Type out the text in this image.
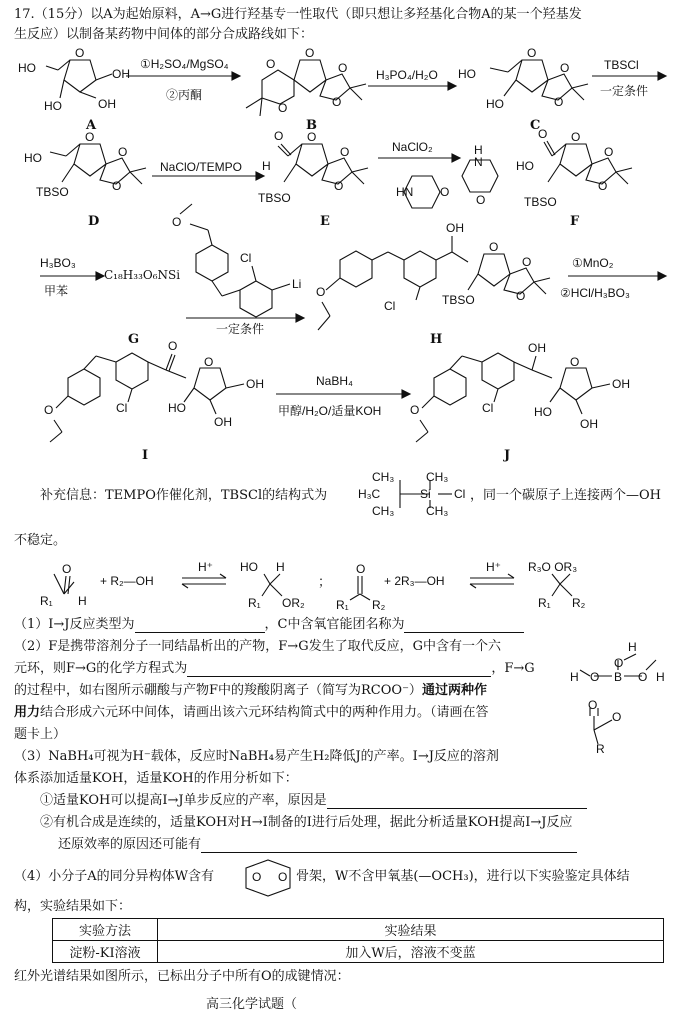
17.（15分）以A为起始原料，A→G进行羟基专一性取代（即只想让多羟基化合物A的某一个羟基发
生反应）以制备某药物中间体的部分合成路线如下：
O
HO	OH
OH
HO
O
O
O
O
O
O
O
O
HO
HO
O
O
O
TBSO
HO
O
O
O
TBSO
O
H
HN O
H
N
O
O
O
O
TBSO
O
HO
O
Cl
Li
O
Cl
OH
O
O
O
TBSO
O	Cl
O
O
OH
OH
HO	O	Cl
OH
O
OH
OH
HO
①H₂SO₄/MgSO₄
②丙酮
H₃PO₄/H₂O
TBSCl
一定条件
NaClO/TEMPO
NaClO₂
H₃BO₃
甲苯
C₁₈H₃₃O₆NSi
一定条件
①MnO₂
②HCl/H₃BO₃
NaBH₄
甲醇/H₂O/适量KOH
A	B	C
D	E	F
G	H
I	J
补充信息：TEMPO作催化剂，TBSCl的结构式为
CH₃	CH₃
H₃C	Si Cl
CH₃	CH₃
，同一个碳原子上连接两个—OH
不稳定。
O
R₁ H
+ R₂—OH
H⁺ HO H
R₁ OR₂
；
O
R₁ R₂
+ 2R₃—OH
H⁺ R₃O OR₃
R₁ R₂
（1）I→J反应类型为	，C中含氧官能团名称为
（2）F是携带溶剂分子一同结晶析出的产物，F→G发生了取代反应，G中含有一个六
元环，则F→G的化学方程式为	，F→G
的过程中，如右图所示硼酸与产物F中的羧酸阴离子（简写为RCOO⁻）通过两种作
用力结合形成六元环中间体，请画出该六元环结构简式中的两种作用力。（请画在答
题卡上）
H
O
H O B O H
O
O
R
（3）NaBH₄可视为H⁻载体，反应时NaBH₄易产生H₂降低J的产率。I→J反应的溶剂
体系添加适量KOH，适量KOH的作用分析如下：
①适量KOH可以提高I→J单步反应的产率，原因是
②有机合成是连续的，适量KOH对H→I制备的I进行后处理，据此分析适量KOH提高I→J反应
还原效率的原因还可能有
（4）小分子A的同分异构体W含有	O O 骨架，W不含甲氧基(—OCH₃)，进行以下实验鉴定具体结
构，实验结果如下：
实验方法	实验结果
淀粉-KI溶液	加入W后，溶液不变蓝
红外光谱结果如图所示，已标出分子中所有O的成键情况：
高三化学试题（
